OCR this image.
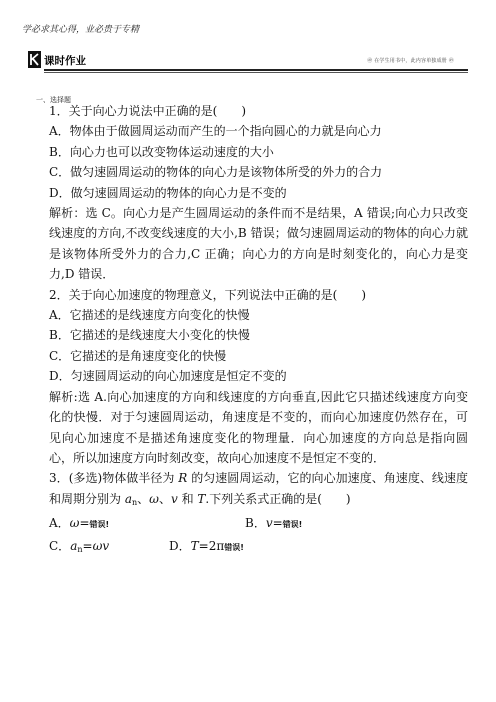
学必求其心得，业必贵于专精
课时作业	㊾ 在学生用书中，此内容单独成册 ㊾
一、选择题
1．关于向心力说法中正确的是(　　)
A．物体由于做圆周运动而产生的一个指向圆心的力就是向心力
B．向心力也可以改变物体运动速度的大小
C．做匀速圆周运动的物体的向心力是该物体所受的外力的合力
D．做匀速圆周运动的物体的向心力是不变的
解析：选 C。向心力是产生圆周运动的条件而不是结果，A 错误;向心力只改变线速度的方向,不改变线速度的大小,B 错误；做匀速圆周运动的物体的向心力就是该物体所受外力的合力,C 正确；向心力的方向是时刻变化的，向心力是变力,D 错误．
2．关于向心加速度的物理意义，下列说法中正确的是(　　)
A．它描述的是线速度方向变化的快慢
B．它描述的是线速度大小变化的快慢
C．它描述的是角速度变化的快慢
D．匀速圆周运动的向心加速度是恒定不变的
解析:选 A.向心加速度的方向和线速度的方向垂直,因此它只描述线速度方向变化的快慢．对于匀速圆周运动，角速度是不变的，而向心加速度仍然存在，可见向心加速度不是描述角速度变化的物理量．向心加速度的方向总是指向圆心，所以加速度方向时刻改变，故向心加速度不是恒定不变的．
3．(多选)物体做半径为 R 的匀速圆周运动，它的向心加速度、角速度、线速度和周期分别为 $a_n$、ω、v 和 T.下列关系式正确的是(　　)
A．ω=错误!	B．v=错误!
C．$a_n=\omega v$	D．T=2π错误!
